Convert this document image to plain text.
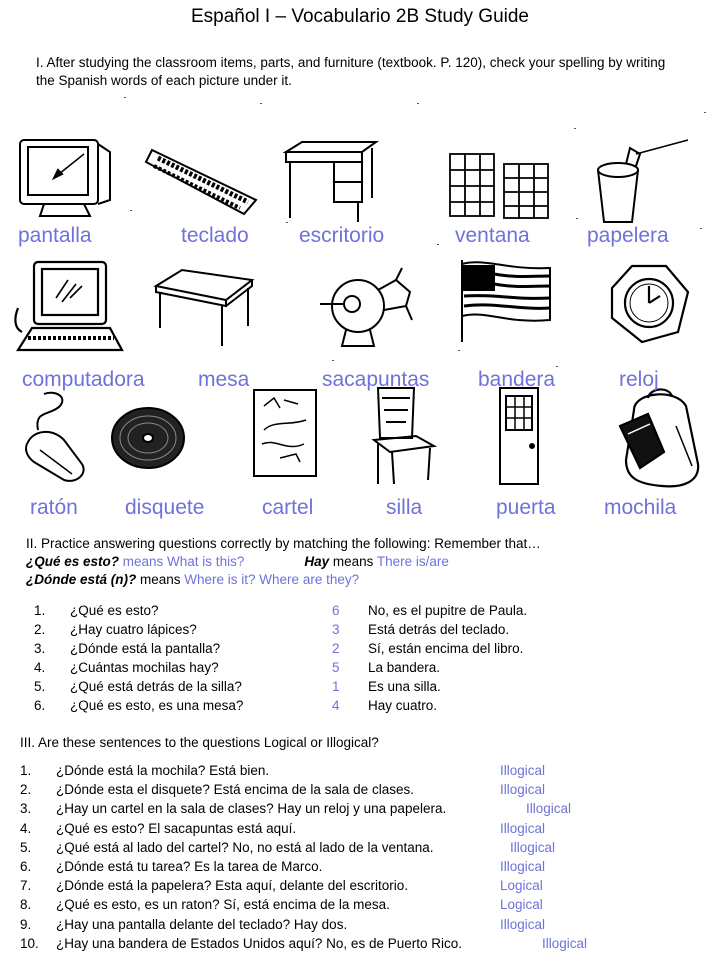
Español I – Vocabulario 2B Study Guide
I. After studying the classroom items, parts, and furniture (textbook. P. 120), check your spelling by writing the Spanish words of each picture under it.
pantalla	teclado escritorio	ventana	papelera
computadora	mesa	sacapuntas bandera	reloj
ratón disquete	cartel	silla	puerta mochila
II. Practice answering questions correctly by matching the following: Remember that…
¿Qué es esto? means What is this?	Hay means There is/are
¿Dónde está (n)? means Where is it? Where are they?
1. ¿Qué es esto?	6 No, es el pupitre de Paula.
2. ¿Hay cuatro lápices?	3 Está detrás del teclado.
3. ¿Dónde está la pantalla?	2 Sí, están encima del libro.
4. ¿Cuántas mochilas hay?	5 La bandera.
5. ¿Qué está detrás de la silla?	1 Es una silla.
6. ¿Qué es esto, es una mesa?	4 Hay cuatro.
III. Are these sentences to the questions Logical or Illogical?
1. ¿Dónde está la mochila? Está bien.	Illogical
2. ¿Dónde esta el disquete? Está encima de la sala de clases.	Illogical
3. ¿Hay un cartel en la sala de clases? Hay un reloj y una papelera.	Illogical
4. ¿Qué es esto? El sacapuntas está aquí.	Illogical
5. ¿Qué está al lado del cartel? No, no está al lado de la ventana.	Illogical
6. ¿Dónde está tu tarea? Es la tarea de Marco.	Illogical
7. ¿Dónde está la papelera? Esta aquí, delante del escritorio.	Logical
8. ¿Qué es esto, es un raton? Sí, está encima de la mesa.	Logical
9. ¿Hay una pantalla delante del teclado? Hay dos.	Illogical
10. ¿Hay una bandera de Estados Unidos aquí? No, es de Puerto Rico.	Illogical
